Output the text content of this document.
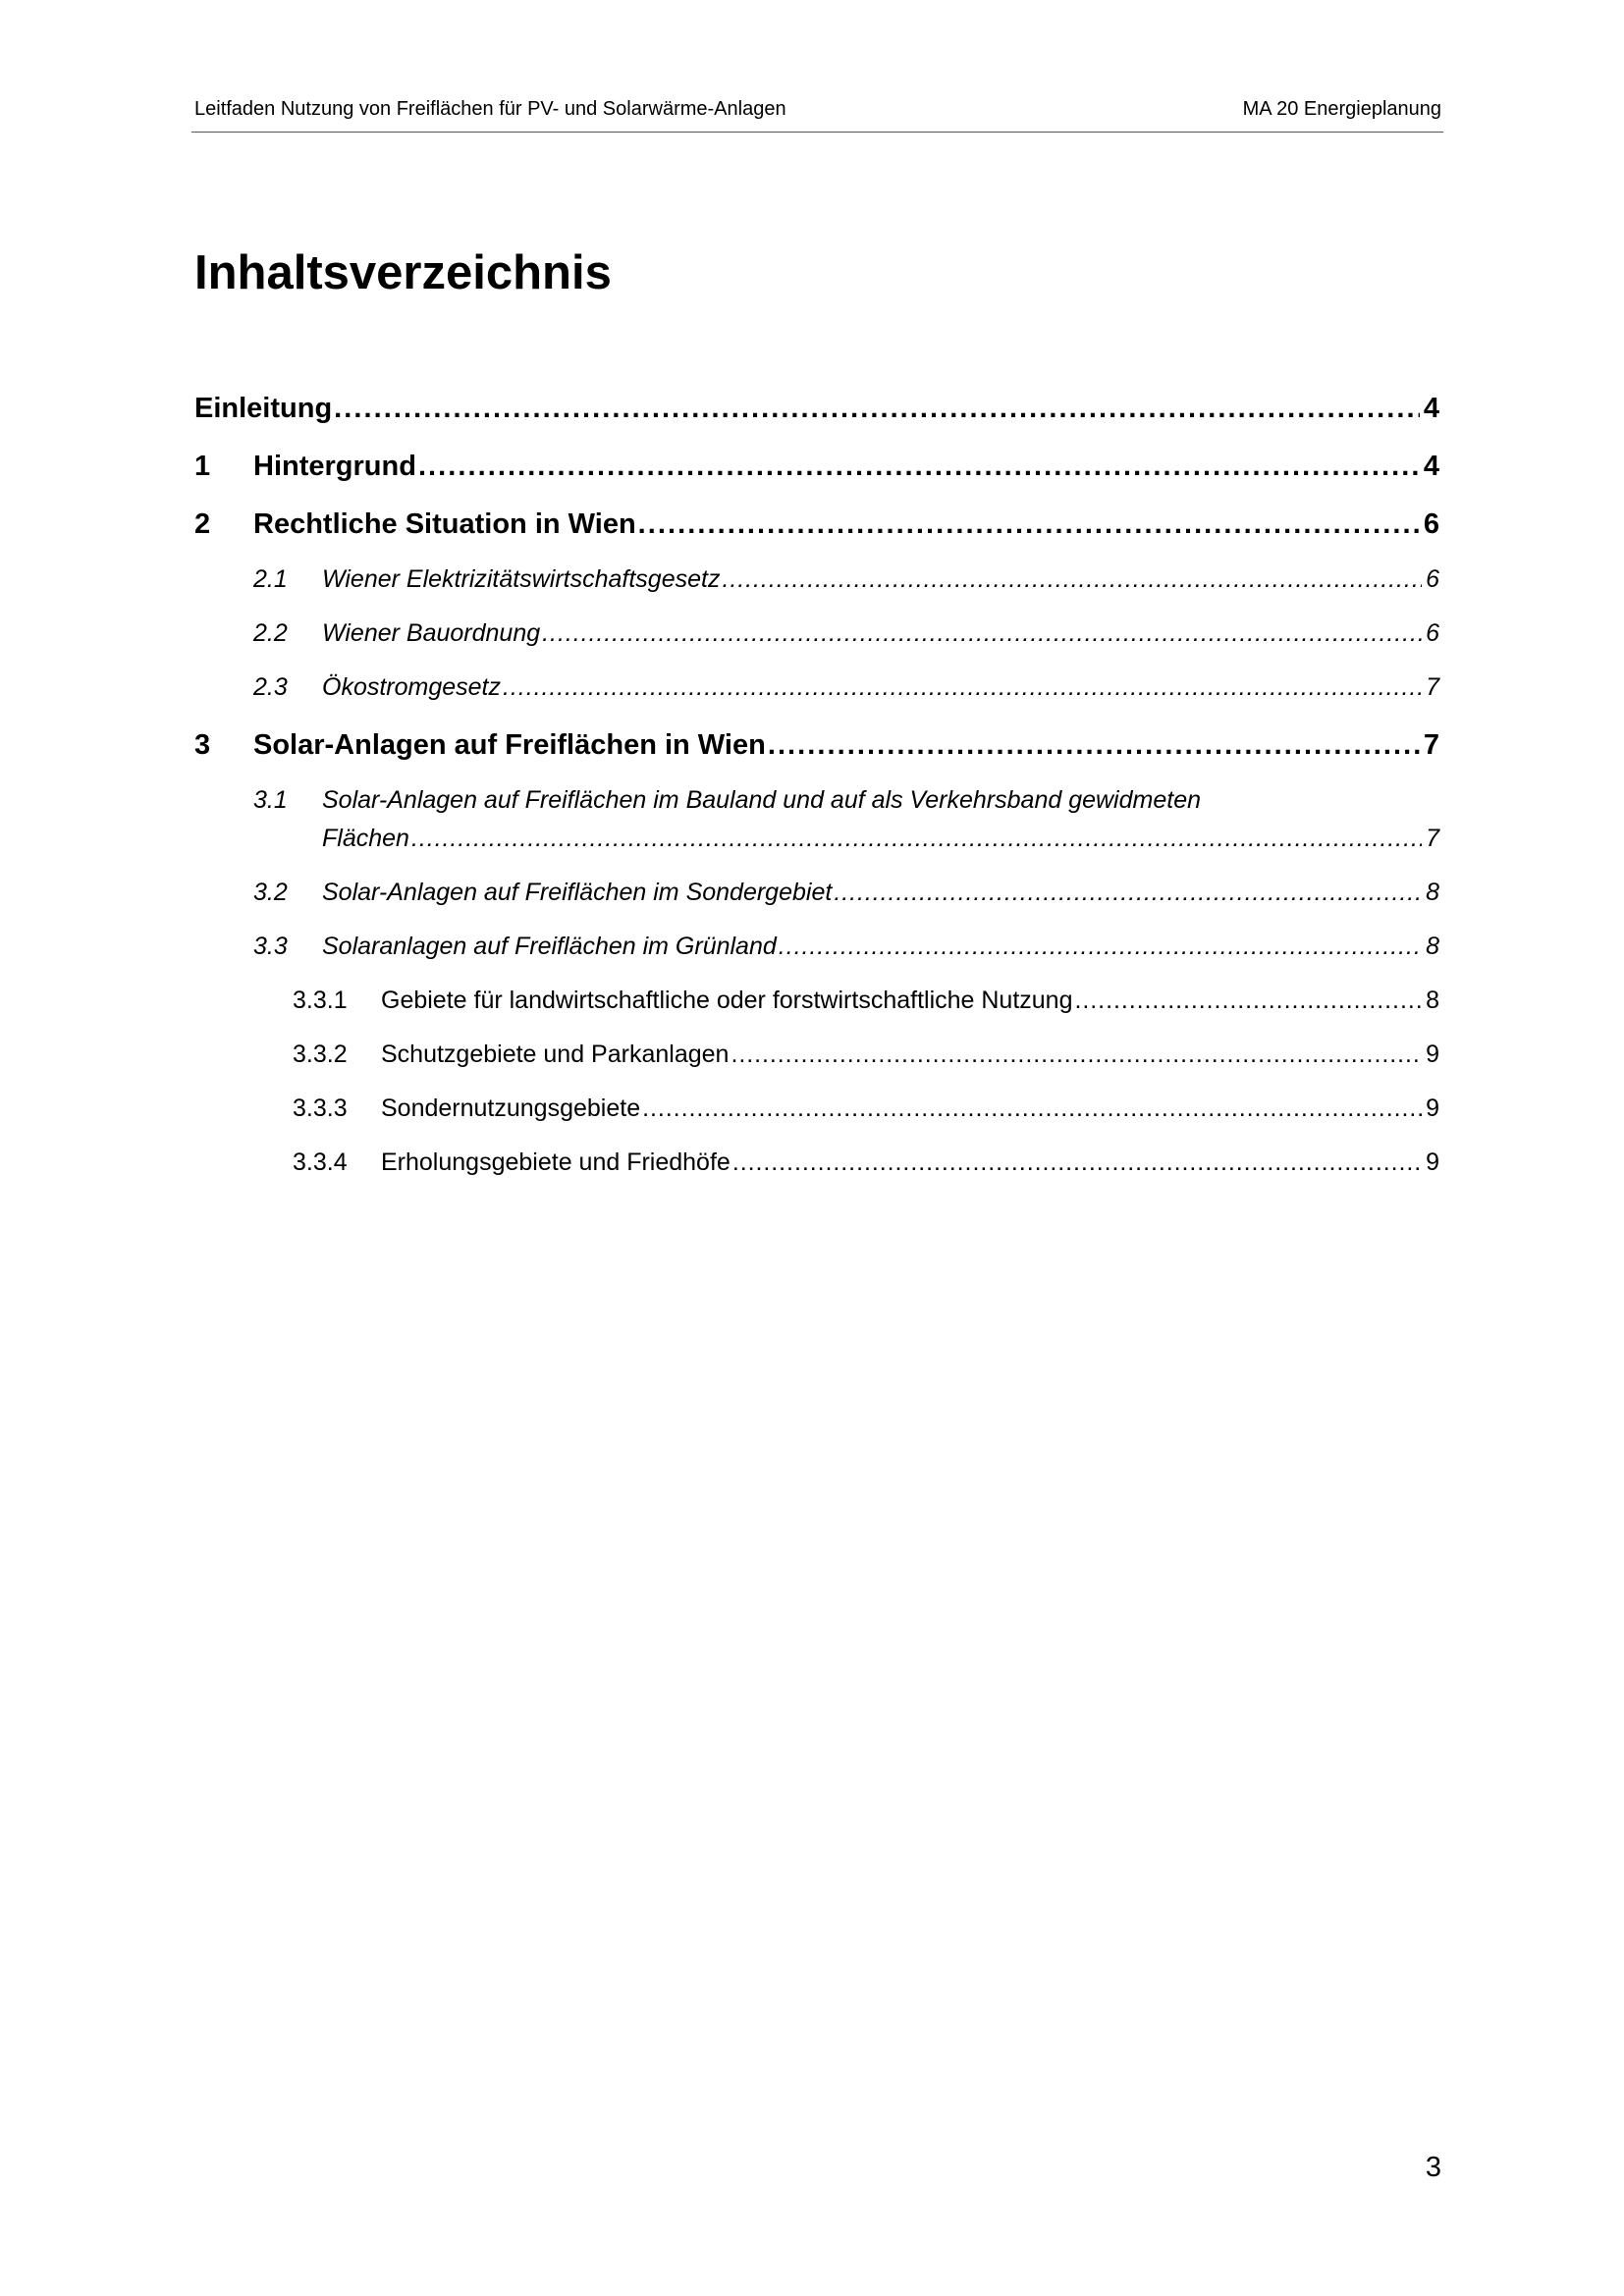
Leitfaden Nutzung von Freiflächen für PV- und Solarwärme-Anlagen	MA 20 Energieplanung
Inhaltsverzeichnis
Einleitung . . .	4
1	Hintergrund . . .	4
2	Rechtliche Situation in Wien . . .	6
2.1	Wiener Elektrizitätswirtschaftsgesetz . . .	6
2.2	Wiener Bauordnung . . .	6
2.3	Ökostromgesetz . . .	7
3	Solar-Anlagen auf Freiflächen in Wien . . .	7
3.1 Solar-Anlagen auf Freiflächen im Bauland und auf als Verkehrsband gewidmeten
Flächen . . .	7
3.2	Solar-Anlagen auf Freiflächen im Sondergebiet . . .	8
3.3	Solaranlagen auf Freiflächen im Grünland . . .	8
3.3.1	Gebiete für landwirtschaftliche oder forstwirtschaftliche Nutzung . . .	8
3.3.2	Schutzgebiete und Parkanlagen . . .	9
3.3.3	Sondernutzungsgebiete . . .	9
3.3.4	Erholungsgebiete und Friedhöfe . . .	9
3
